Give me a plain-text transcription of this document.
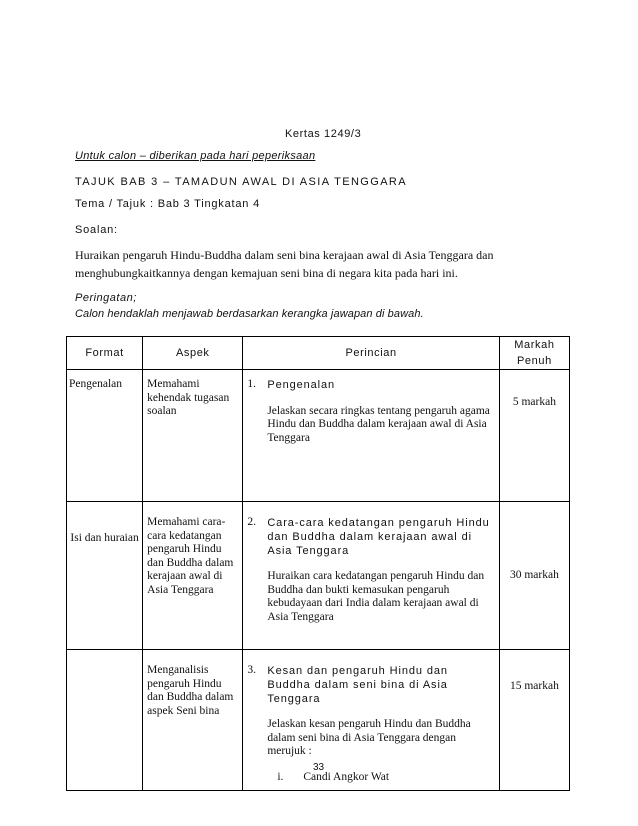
Kertas 1249/3
Untuk calon – diberikan pada hari peperiksaan
TAJUK BAB 3 – TAMADUN AWAL DI ASIA TENGGARA
Tema / Tajuk : Bab 3 Tingkatan 4
Soalan:
Huraikan pengaruh Hindu-Buddha dalam seni bina kerajaan awal di Asia Tenggara dan menghubungkaitkannya dengan kemajuan seni bina di negara kita pada hari ini.
Peringatan;
Calon hendaklah menjawab berdasarkan kerangka jawapan di bawah.
Format	Aspek	Perincian	Markah Penuh
Pengenalan	Memahami kehendak tugasan soalan	1. Pengenalan
Jelaskan secara ringkas tentang pengaruh agama Hindu dan Buddha dalam kerajaan awal di Asia Tenggara	5 markah
Isi dan huraian	Memahami cara-cara kedatangan pengaruh Hindu dan Buddha dalam kerajaan awal di Asia Tenggara	2. Cara-cara kedatangan pengaruh Hindu dan Buddha dalam kerajaan awal di Asia Tenggara
Huraikan cara kedatangan pengaruh Hindu dan Buddha dan bukti kemasukan pengaruh kebudayaan dari India dalam kerajaan awal di Asia Tenggara	30 markah
	Menganalisis pengaruh Hindu dan Buddha dalam aspek Seni bina	3. Kesan dan pengaruh Hindu dan Buddha dalam seni bina di Asia Tenggara
Jelaskan kesan pengaruh Hindu dan Buddha dalam seni bina di Asia Tenggara dengan merujuk :
i. Candi Angkor Wat	15 markah
33
